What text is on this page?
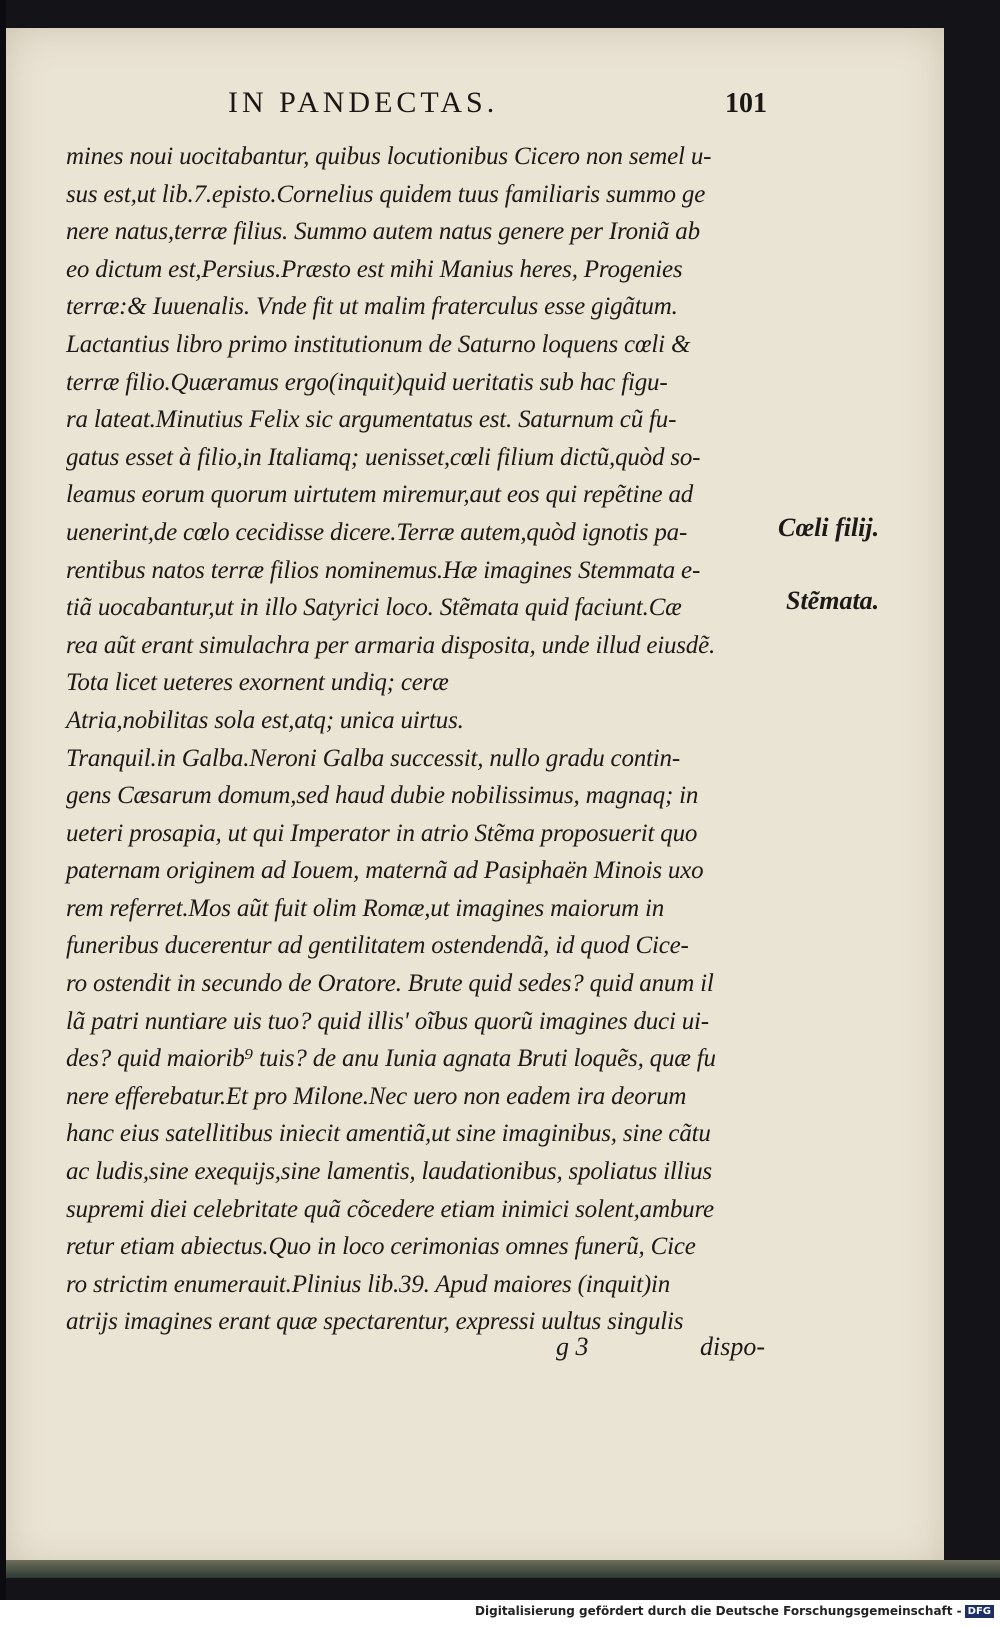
IN PANDECTAS.	101
mines noui uocitabantur, quibus locutionibus Cicero non semel u-
sus est,ut lib.7.episto.Cornelius quidem tuus familiaris summo ge
nere natus,terræ filius. Summo autem natus genere per Ironiã ab
eo dictum est,Persius.Præsto est mihi Manius heres, Progenies
terræ:& Iuuenalis. Vnde fit ut malim fraterculus esse gigãtum.
Lactantius libro primo institutionum de Saturno loquens cœli &
terræ filio.Quæramus ergo(inquit)quid ueritatis sub hac figu-
ra lateat.Minutius Felix sic argumentatus est. Saturnum cũ fu-
gatus esset à filio,in Italiamq; uenisset,cœli filium dictũ,quòd so-
leamus eorum quorum uirtutem miremur,aut eos qui repẽtine ad
uenerint,de cœlo cecidisse dicere.Terræ autem,quòd ignotis pa-
rentibus natos terræ filios nominemus.Hæ imagines Stemmata e-
tiã uocabantur,ut in illo Satyrici loco. Stẽmata quid faciunt.Cæ
rea aũt erant simulachra per armaria disposita, unde illud eiusdẽ.
Tota licet ueteres exornent undiq; ceræ
Atria,nobilitas sola est,atq; unica uirtus.
Tranquil.in Galba.Neroni Galba successit, nullo gradu contin-
gens Cæsarum domum,sed haud dubie nobilissimus, magnaq; in
ueteri prosapia, ut qui Imperator in atrio Stẽma proposuerit quo
paternam originem ad Iouem, maternã ad Pasiphaën Minois uxo
rem referret.Mos aũt fuit olim Romæ,ut imagines maiorum in
funeribus ducerentur ad gentilitatem ostendendã, id quod Cice-
ro ostendit in secundo de Oratore. Brute quid sedes? quid anum il
lã patri nuntiare uis tuo? quid illis' oĩbus quorũ imagines duci ui-
des? quid maiorib⁹ tuis? de anu Iunia agnata Bruti loquẽs, quæ fu
nere efferebatur.Et pro Milone.Nec uero non eadem ira deorum
hanc eius satellitibus iniecit amentiã,ut sine imaginibus, sine cãtu
ac ludis,sine exequijs,sine lamentis, laudationibus, spoliatus illius
supremi diei celebritate quã cõcedere etiam inimici solent,ambure
retur etiam abiectus.Quo in loco cerimonias omnes funerũ, Cice
ro strictim enumerauit.Plinius lib.39. Apud maiores (inquit)in
atrijs imagines erant quæ spectarentur, expressi uultus singulis
Cœli filij.
Stẽmata.
g 3	dispo-
Digitalisierung gefördert durch die Deutsche Forschungsgemeinschaft - DFG
